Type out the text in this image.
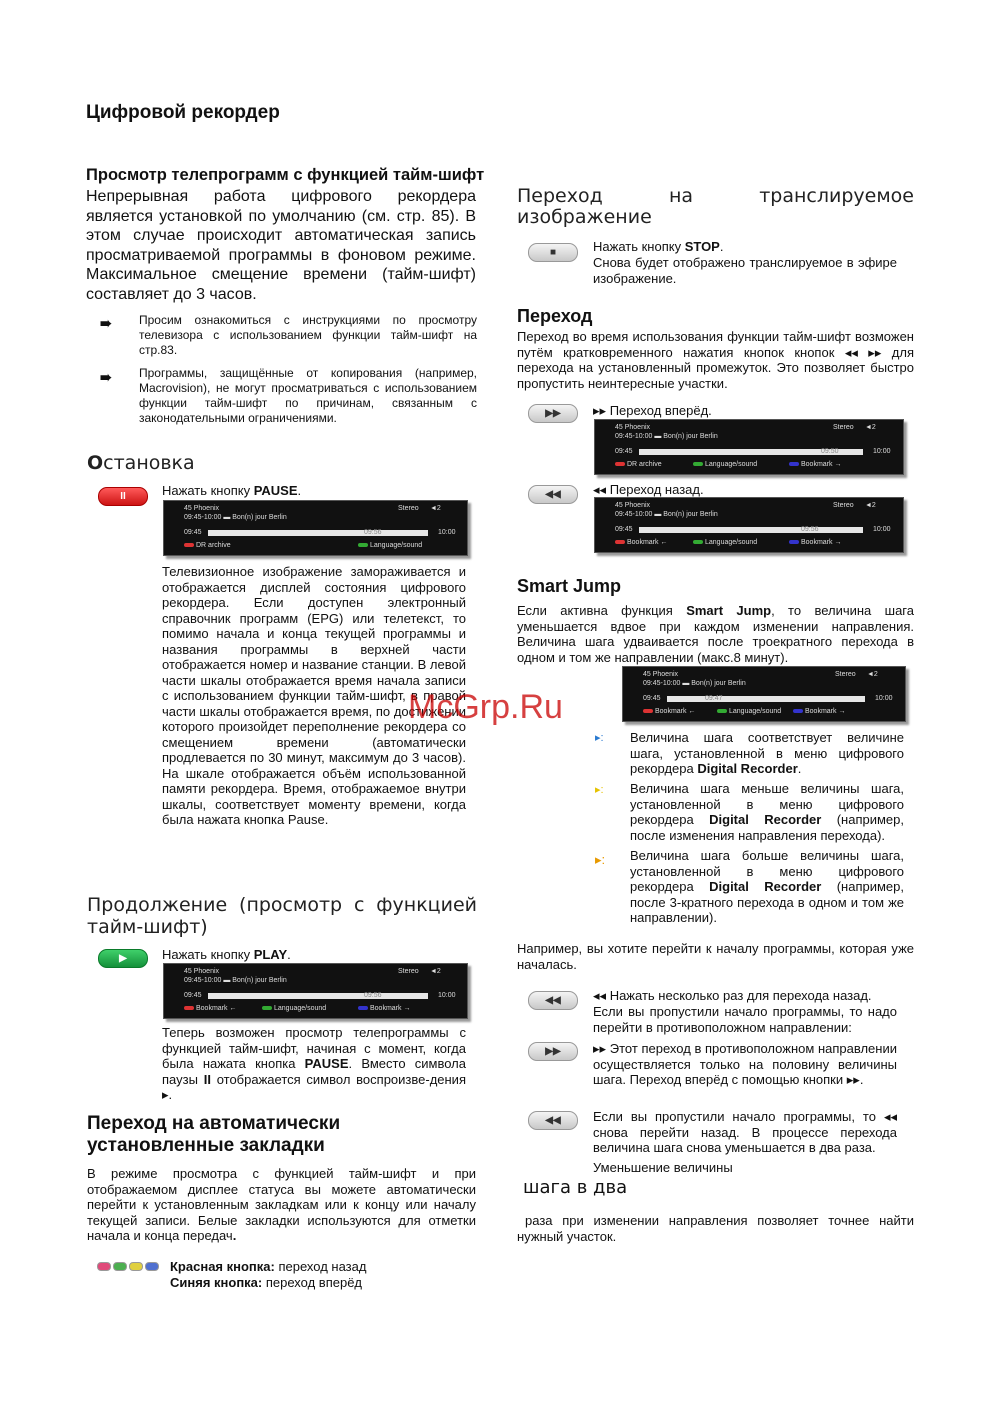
Цифровой рекордер
Просмотр телепрограмм с функцией тайм-шифт
Непрерывная работа цифрового рекордера является установкой по умолчанию (см. стр. 85). В этом случае происходит автоматическая запись просматриваемой программы в фоновом режиме. Максимальное смещение времени (тайм-шифт) составляет до 3 часов.
➠ Просим ознакомиться с инструкциями по просмотру телевизора с использованием функции тайм-шифт на стр.83.
➠ Программы, защищённые от копирования (например, Macrovision), не могут просматриваться с использованием функции тайм-шифт по причинам, связанным с законодательными ограничениями.
Остановка
II	Нажать кнопку PAUSE.
45 Phoenix
09:45-10:00 ▬ Bon(n) jour Berlin
Stereo ◄2
09:45	09:56	10:00
DR archive	Language/sound
Телевизионное изображение замораживается и отображается дисплей состояния цифрового рекордера. Если доступен электронный справочник программ (EPG) или телетекст, то помимо начала и конца текущей программы и названия программы в верхней части отображается номер и название станции. В левой части шкалы отображается время начала записи с использованием функции тайм-шифт, в правой части шкалы отображается время, по достижении которого произойдет переполнение рекордера со смещением времени (автоматически продлевается по 30 минут, максимум до 3 часов). На шкале отображается объём использованной памяти рекордера. Время, отображаемое внутри шкалы, соответствует моменту времени, когда была нажата кнопка Pause.
Продолжение (просмотр с функцией тайм-шифт)
▶	Нажать кнопку PLAY.
45 Phoenix
09:45-10:00 ▬ Bon(n) jour Berlin
Stereo ◄2
09:45	09:56	10:00
Bookmark ←	Language/sound	Bookmark →
Теперь возможен просмотр телепрограммы с функцией тайм-шифт, начиная с момент, когда была нажата кнопка PAUSE. Вместо символа паузы II отображается символ воспроизве-дения ▸.
Переход на автоматически установленные закладки
В режиме просмотра с функцией тайм-шифт и при отображаемом дисплее статуса вы можете автоматически перейти к установленным закладкам или к концу или началу текущей записи. Белые закладки используются для отметки начала и конца передач.
Красная кнопка: переход назад
Синяя кнопка: переход вперёд
Переход на транслируемое изображение
■	Нажать кнопку STOP.
Снова будет отображено транслируемое в эфире изображение.
Переход
Переход во время использования функции тайм-шифт возможен путём кратковременного нажатия кнопок кнопок ◂◂ ▸▸ для перехода на установленный промежуток. Это позволяет быстро пропустить неинтересные участки.
▶▶	▸▸ Переход вперёд.
45 Phoenix
09:45-10:00 ▬ Bon(n) jour Berlin
Stereo ◄2
09:45	09:50	10:00
DR archive	Language/sound	Bookmark →
◀◀	◂◂ Переход назад.
45 Phoenix
09:45-10:00 ▬ Bon(n) jour Berlin
Stereo ◄2
09:45	09:56	10:00
Bookmark ←	Language/sound	Bookmark →
Smart Jump
Если активна функция Smart Jump, то величина шага уменьшается вдвое при каждом изменении направления. Величина шага удваивается после троекратного перехода в одном и том же направлении (макс.8 минут).
45 Phoenix
09:45-10:00 ▬ Bon(n) jour Berlin
Stereo ◄2
09:45	09:47	10:00
Bookmark ←	Language/sound	Bookmark →
▸: Величина шага соответствует величине шага, установленной в меню цифрового рекордера Digital Recorder.
▸: Величина шага меньше величины шага, установленной в меню цифрового рекордера Digital Recorder (например, после изменения направления перехода).
▸: Величина шага больше величины шага, установленной в меню цифрового рекордера Digital Recorder (например, после 3-кратного перехода в одном и том же направлении).
Например, вы хотите перейти к началу программы, которая уже началась.
◀◀	◂◂ Нажать несколько раз для перехода назад.
Если вы пропустили начало программы, то надо перейти в противоположном направлении:
▶▶	▸▸ Этот переход в противоположном направлении осуществляется только на половину величины шага. Переход вперёд с помощью кнопки ▸▸.
◀◀	Если вы пропустили начало программы, то ◂◂ снова перейти назад. В процессе перехода величина шага снова уменьшается в два раза.
Уменьшение величины
шага в два
раза при изменении направления позволяет точнее найти нужный участок.
McGrp.Ru
